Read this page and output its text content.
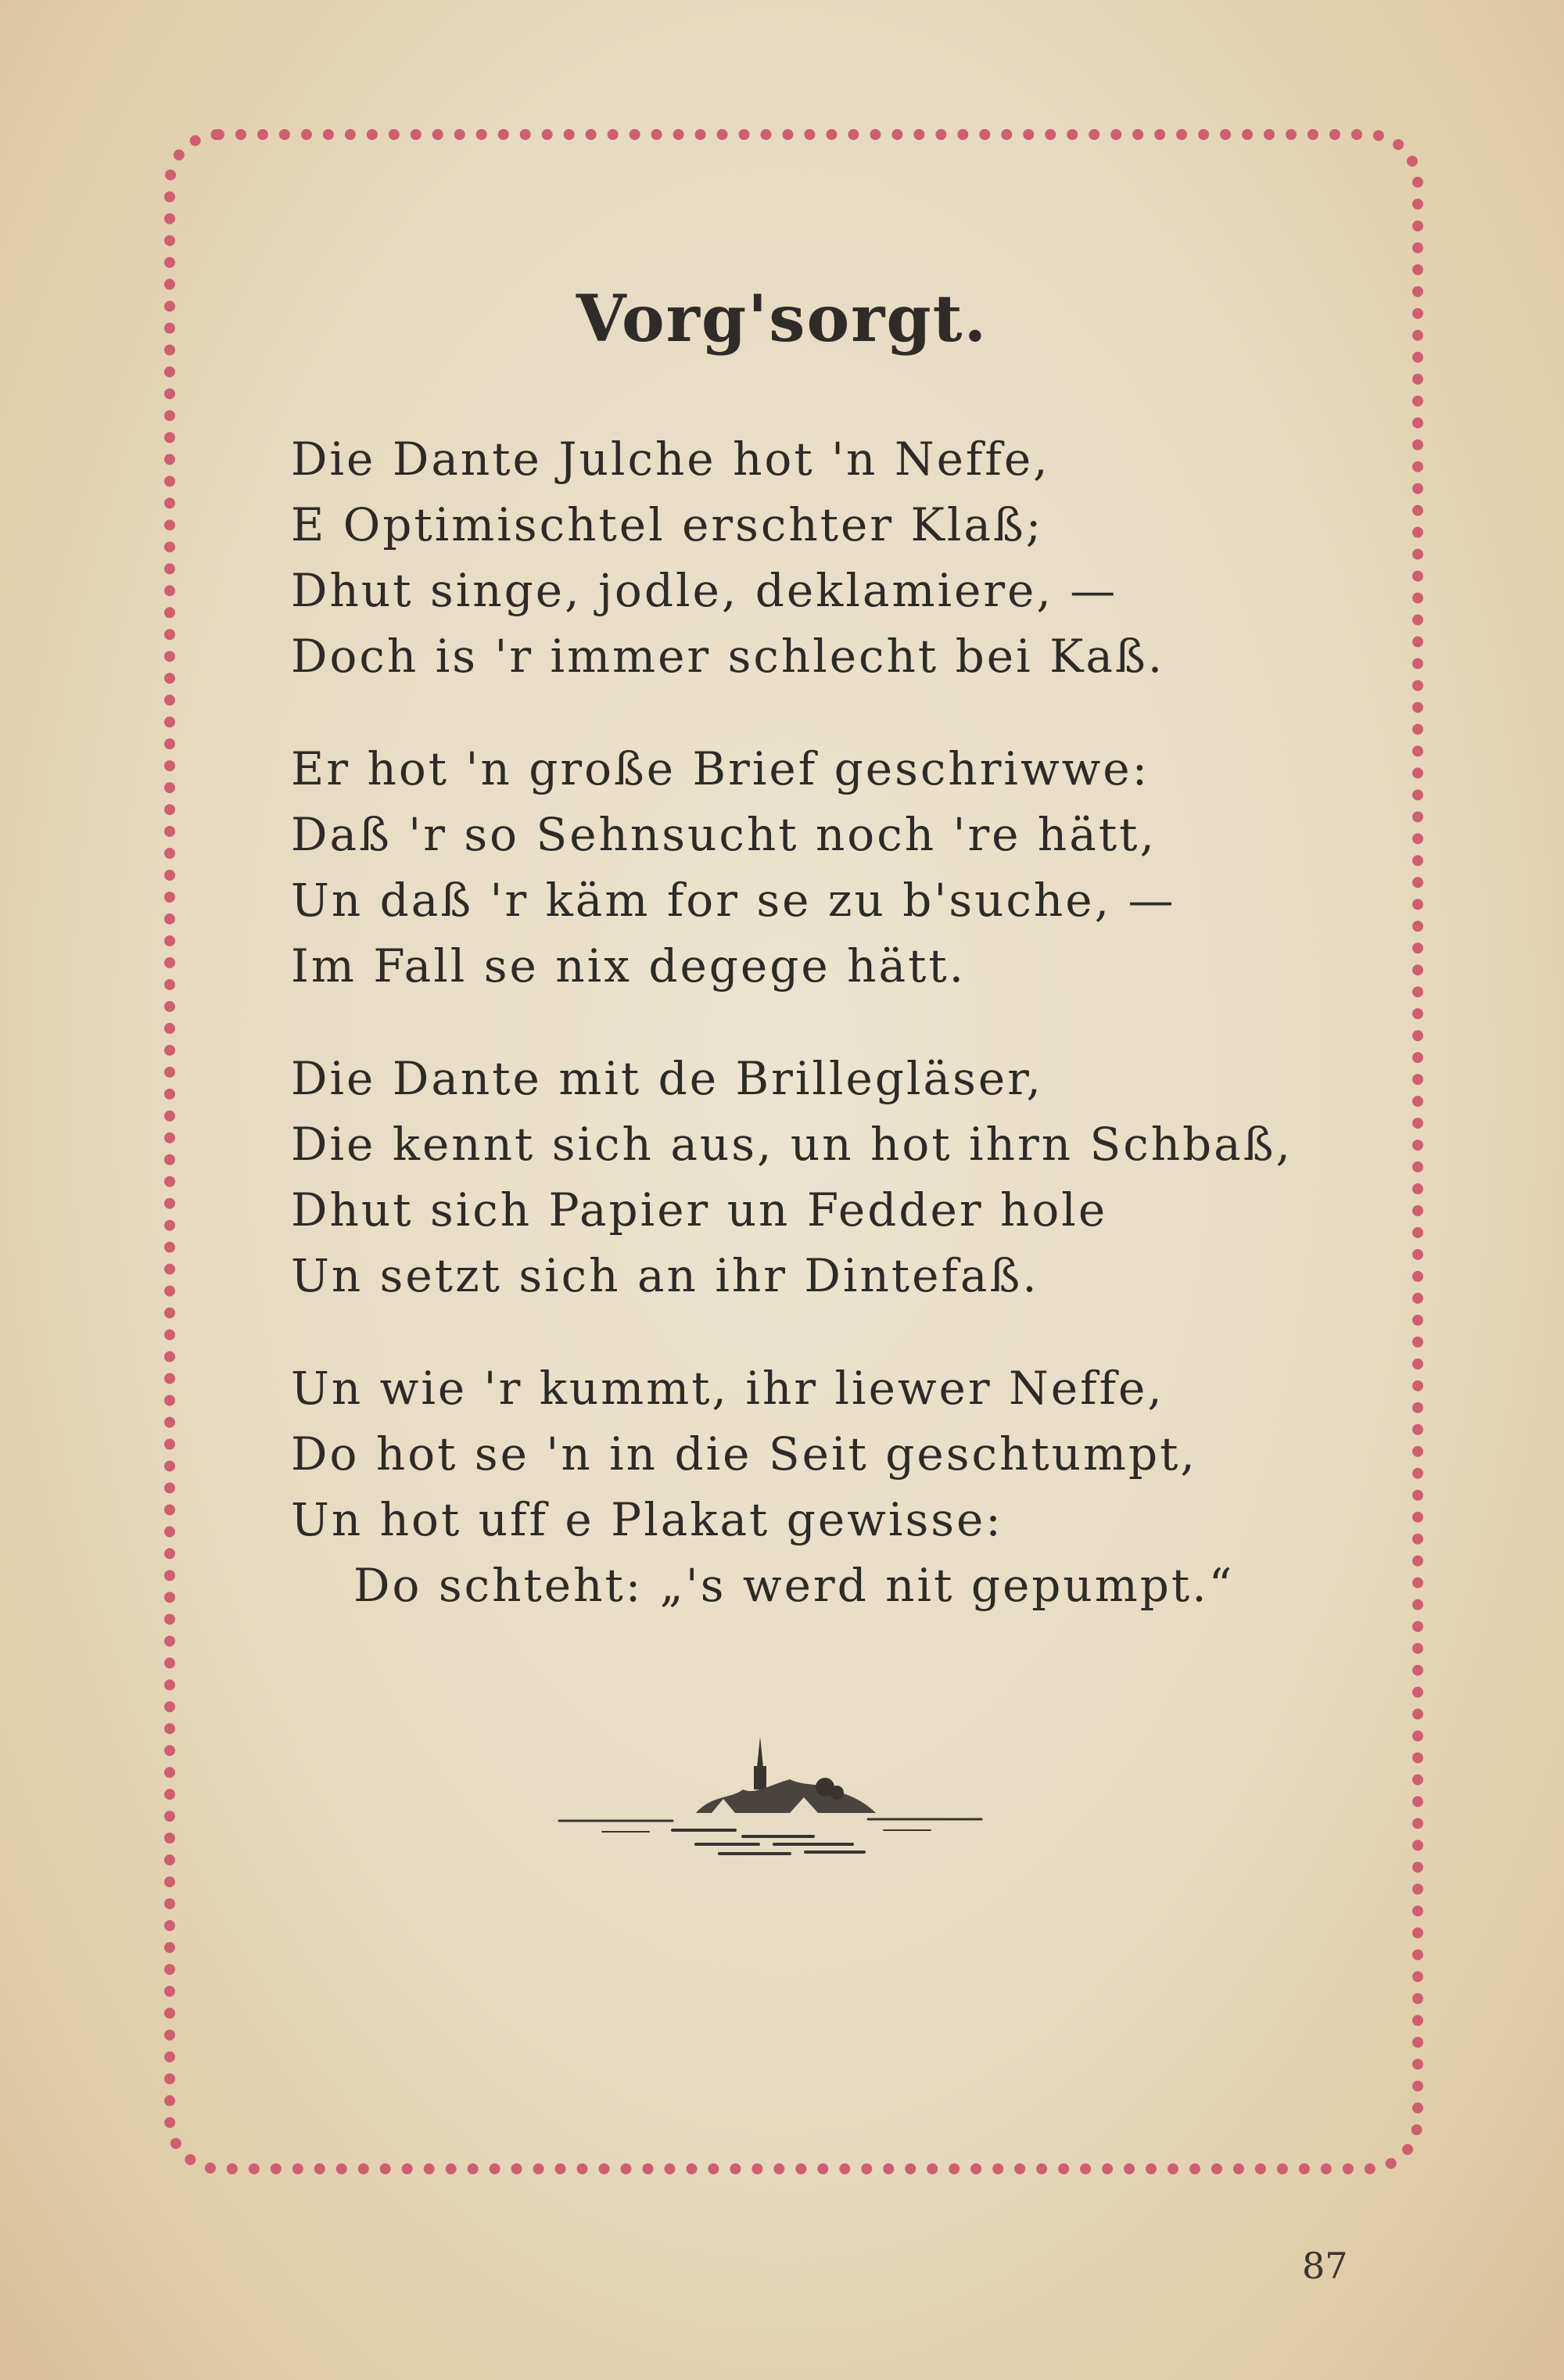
Vorg'sorgt.
Die Dante Julche hot 'n Neffe,
E Optimischtel erschter Klaß;
Dhut singe, jodle, deklamiere, —
Doch is 'r immer schlecht bei Kaß.
Er hot 'n große Brief geschriwwe:
Daß 'r so Sehnsucht noch 're hätt,
Un daß 'r käm for se zu b'suche, —
Im Fall se nix degege hätt.
Die Dante mit de Brillegläser,
Die kennt sich aus, un hot ihrn Schbaß,
Dhut sich Papier un Fedder hole
Un setzt sich an ihr Dintefaß.
Un wie 'r kummt, ihr liewer Neffe,
Do hot se 'n in die Seit geschtumpt,
Un hot uff e Plakat gewisse:
Do schteht: „'s werd nit gepumpt.“
87
